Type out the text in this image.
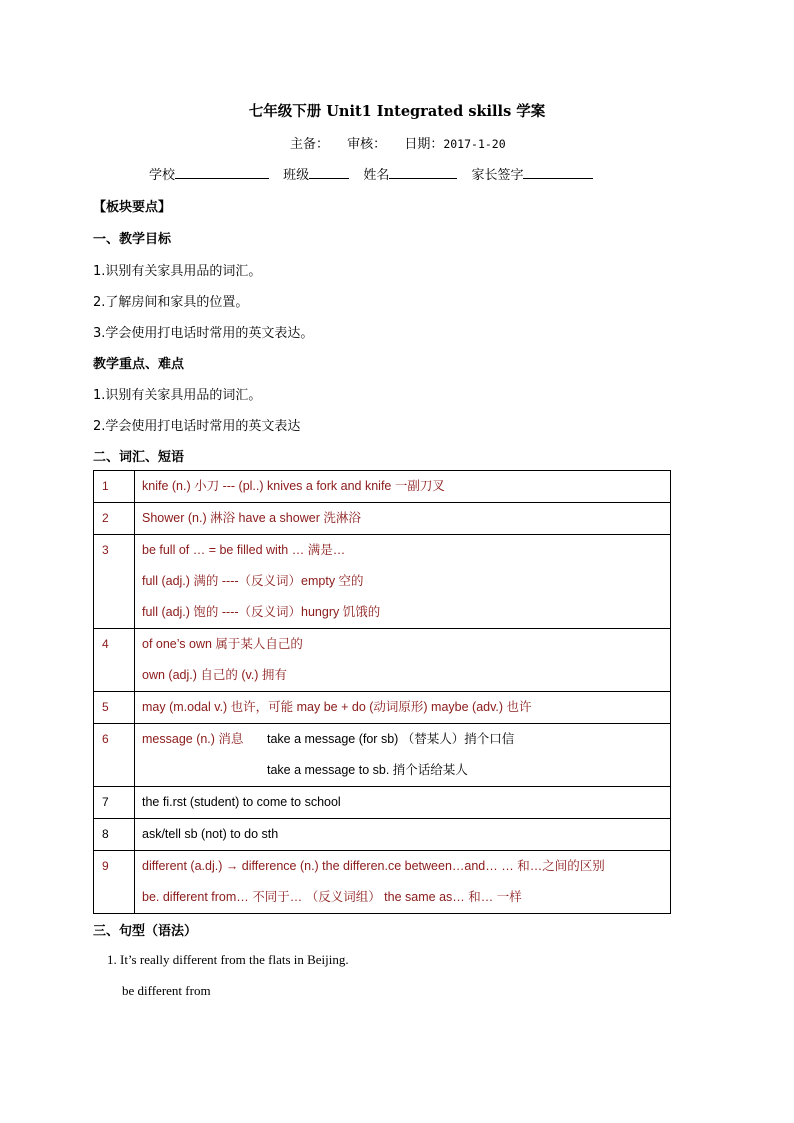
七年级下册 Unit1 Integrated skills 学案
主备： 审核： 日期：2017-1-20
学校	班级	姓名	家长签字
【板块要点】
一、教学目标
1.识别有关家具用品的词汇。
2.了解房间和家具的位置。
3.学会使用打电话时常用的英文表达。
教学重点、难点
1.识别有关家具用品的词汇。
2.学会使用打电话时常用的英文表达
二、词汇、短语
1	knife (n.) 小刀 --- (pl..) knives a fork and knife 一副刀叉

2	Shower (n.) 淋浴 have a shower 洗淋浴

3	be full of … = be filled with … 满是…
full (adj.) 满的 ----（反义词）empty 空的
full (adj.) 饱的 ----（反义词）hungry 饥饿的

4	of one’s own 属于某人自己的
own (adj.) 自己的 (v.) 拥有

5	may (m.odal v.) 也许，可能 may be + do (动词原形) maybe (adv.) 也许

6	message (n.) 消息 take a message (for sb) （替某人）捎个口信
take a message to sb. 捎个话给某人

7	the fi.rst (student) to come to school

8	ask/tell sb (not) to do sth

9	different (a.dj.) → difference (n.) the differen.ce between…and… … 和…之间的区别
be. different from… 不同于… （反义词组） the same as… 和… 一样
三、句型（语法）
1. It’s really different from the flats in Beijing.
be different from
